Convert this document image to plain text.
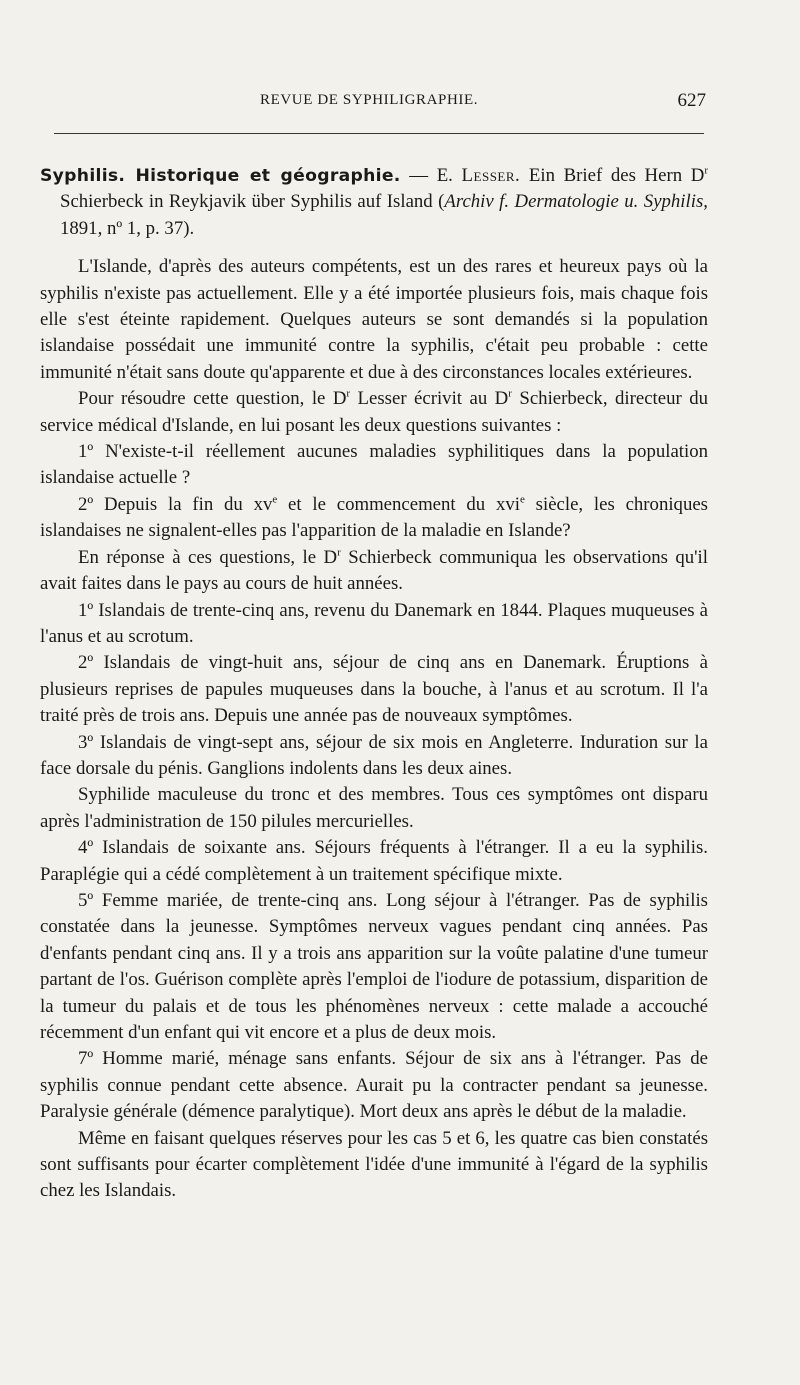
REVUE DE SYPHILIGRAPHIE.	627

Syphilis. Historique et géographie. — E. Lesser. Ein Brief des Hern $D^r$ Schierbeck in Reykjavik über Syphilis auf Island (Archiv f. Dermatologie u. Syphilis, 1891, nº 1, p. 37).

L'Islande, d'après des auteurs compétents, est un des rares et heureux pays où la syphilis n'existe pas actuellement. Elle y a été importée plusieurs fois, mais chaque fois elle s'est éteinte rapidement. Quelques auteurs se sont demandés si la population islandaise possédait une immunité contre la syphilis, c'était peu probable : cette immunité n'était sans doute qu'apparente et due à des circonstances locales extérieures.

Pour résoudre cette question, le $D^r$ Lesser écrivit au $D^r$ Schierbeck, directeur du service médical d'Islande, en lui posant les deux questions suivantes :

1º N'existe-t-il réellement aucunes maladies syphilitiques dans la population islandaise actuelle ?

2º Depuis la fin du $xv^e$ et le commencement du xvi$^e$ siècle, les chroniques islandaises ne signalent-elles pas l'apparition de la maladie en Islande?

En réponse à ces questions, le $D^r$ Schierbeck communiqua les observations qu'il avait faites dans le pays au cours de huit années.

1º Islandais de trente-cinq ans, revenu du Danemark en 1844. Plaques muqueuses à l'anus et au scrotum.

2º Islandais de vingt-huit ans, séjour de cinq ans en Danemark. Éruptions à plusieurs reprises de papules muqueuses dans la bouche, à l'anus et au scrotum. Il l'a traité près de trois ans. Depuis une année pas de nouveaux symptômes.

3º Islandais de vingt-sept ans, séjour de six mois en Angleterre. Induration sur la face dorsale du pénis. Ganglions indolents dans les deux aines.

Syphilide maculeuse du tronc et des membres. Tous ces symptômes ont disparu après l'administration de 150 pilules mercurielles.

4º Islandais de soixante ans. Séjours fréquents à l'étranger. Il a eu la syphilis. Paraplégie qui a cédé complètement à un traitement spécifique mixte.

5º Femme mariée, de trente-cinq ans. Long séjour à l'étranger. Pas de syphilis constatée dans la jeunesse. Symptômes nerveux vagues pendant cinq années. Pas d'enfants pendant cinq ans. Il y a trois ans apparition sur la voûte palatine d'une tumeur partant de l'os. Guérison complète après l'emploi de l'iodure de potassium, disparition de la tumeur du palais et de tous les phénomènes nerveux : cette malade a accouché récemment d'un enfant qui vit encore et a plus de deux mois.

7º Homme marié, ménage sans enfants. Séjour de six ans à l'étranger. Pas de syphilis connue pendant cette absence. Aurait pu la contracter pendant sa jeunesse. Paralysie générale (démence paralytique). Mort deux ans après le début de la maladie.

Même en faisant quelques réserves pour les cas 5 et 6, les quatre cas bien constatés sont suffisants pour écarter complètement l'idée d'une immunité à l'égard de la syphilis chez les Islandais.
